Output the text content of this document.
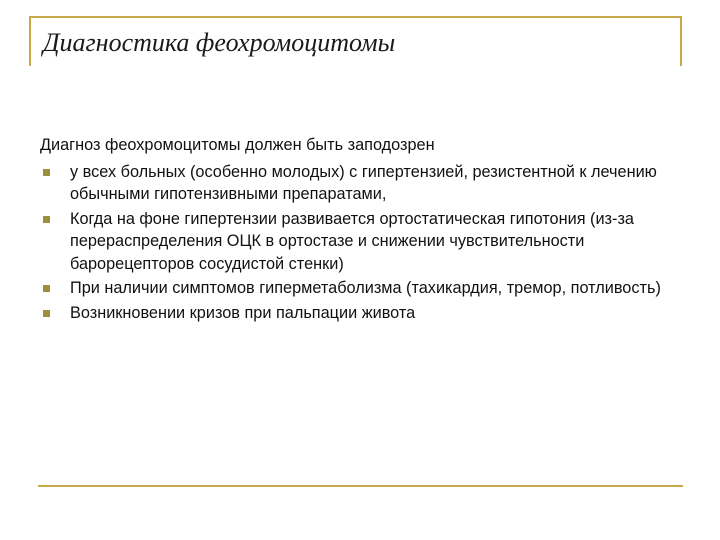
Диагностика феохромоцитомы

Диагноз феохромоцитомы должен быть заподозрен

у всех больных (особенно молодых) с гипертензией, резистентной к лечению обычными гипотензивными препаратами,
Когда на фоне гипертензии развивается ортостатическая гипотония (из-за перераспределения ОЦК в ортостазе и снижении чувствительности барорецепторов сосудистой стенки)
При наличии симптомов гиперметаболизма (тахикардия, тремор, потливость)
Возникновении кризов при пальпации живота
